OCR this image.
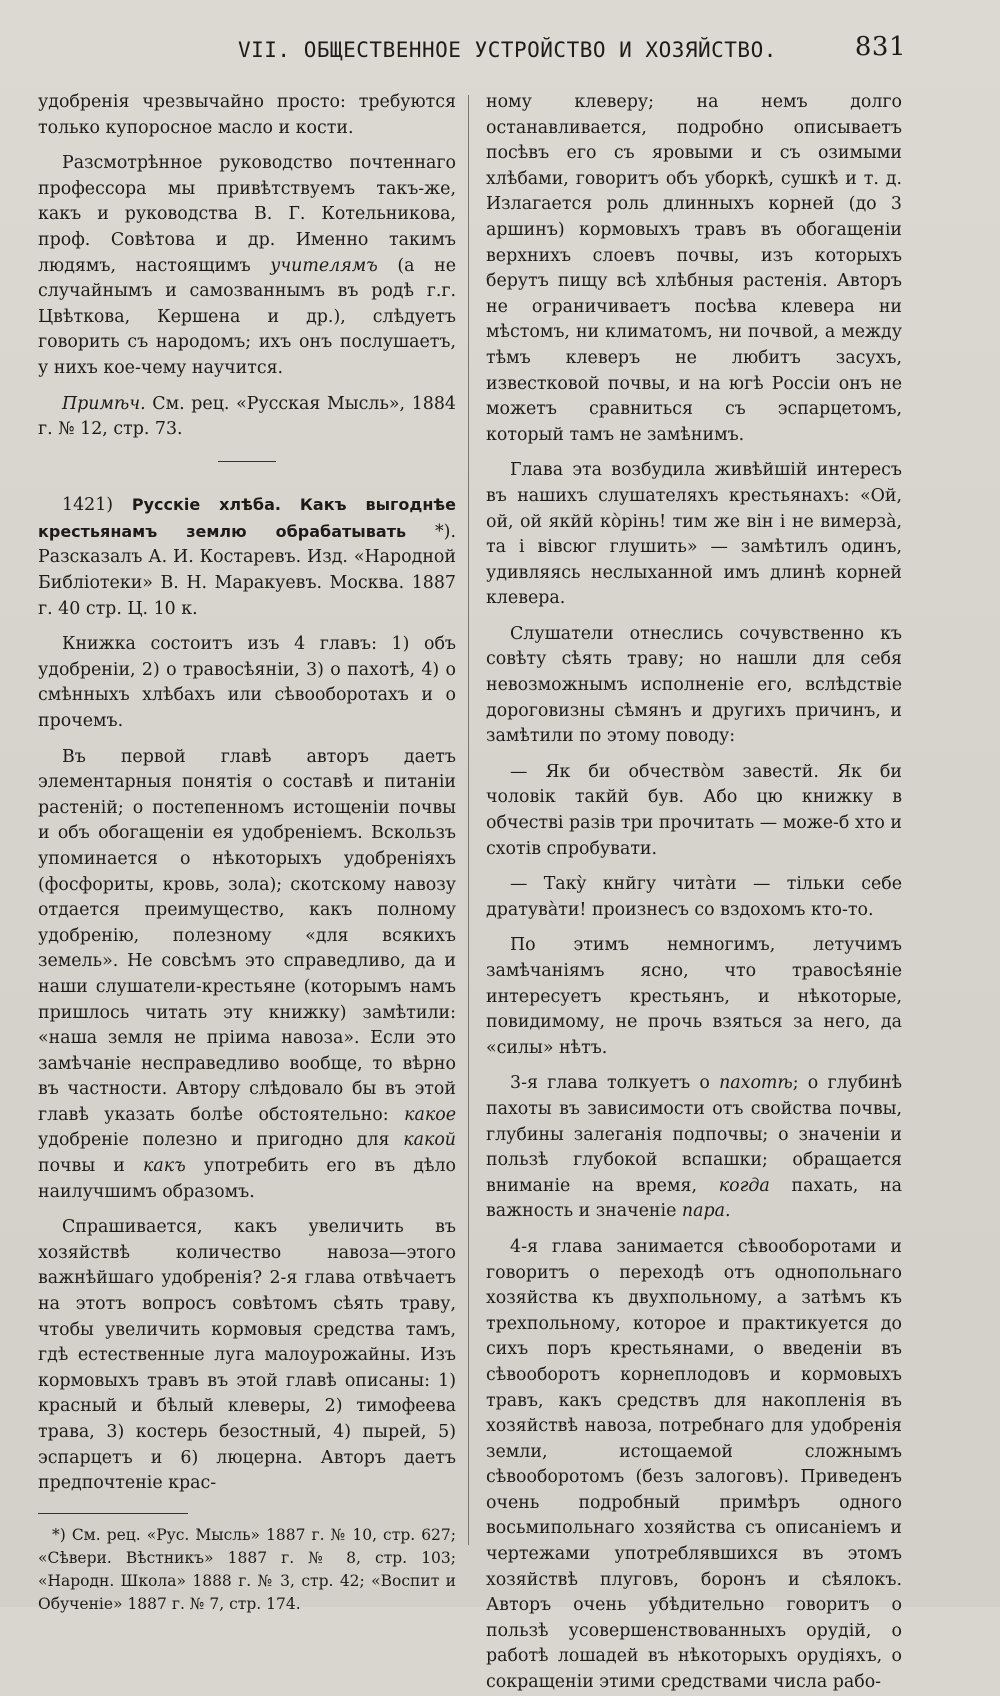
VII. ОБЩЕСТВЕННОЕ УСТРОЙСТВО И ХОЗЯЙСТВО.	831

удобренія чрезвычайно просто: требуются только купоросное масло и кости.

Разсмотрѣнное руководство почтеннаго профессора мы привѣтствуемъ такъ-же, какъ и руководства В. Г. Котельникова, проф. Совѣтова и др. Именно такимъ людямъ, настоящимъ учителямъ (а не случайнымъ и самозваннымъ въ родѣ г.г. Цвѣткова, Кершена и др.), слѣдуетъ говорить съ народомъ; ихъ онъ послушаетъ, у нихъ кое-чему научится.

Примѣч. См. рец. «Русская Мысль», 1884 г. № 12, стр. 73.

1421) Русскіе хлѣба. Какъ выгоднѣе крестьянамъ землю обрабатывать *). Разсказалъ А. И. Костаревъ. Изд. «Народной Библіотеки» В. Н. Маракуевъ. Москва. 1887 г. 40 стр. Ц. 10 к.

Книжка состоитъ изъ 4 главъ: 1) объ удобреніи, 2) о травосѣяніи, 3) о пахотѣ, 4) о смѣнныхъ хлѣбахъ или сѣвооборотахъ и о прочемъ.

Въ первой главѣ авторъ даетъ элементарныя понятія о составѣ и питаніи растеній; о постепенномъ истощеніи почвы и объ обогащеніи ея удобреніемъ. Вскользъ упоминается о нѣкоторыхъ удобреніяхъ (фосфориты, кровь, зола); скотскому навозу отдается преимущество, какъ полному удобренію, полезному «для всякихъ земель». Не совсѣмъ это справедливо, да и наши слушатели-крестьяне (которымъ намъ пришлось читать эту книжку) замѣтили: «наша земля не пріима навоза». Если это замѣчаніе несправедливо вообще, то вѣрно въ частности. Автору слѣдовало бы въ этой главѣ указать болѣе обстоятельно: какое удобреніе полезно и пригодно для какой почвы и какъ употребить его въ дѣло наилучшимъ образомъ.

Спрашивается, какъ увеличить въ хозяйствѣ количество навоза—этого важнѣйшаго удобренія? 2-я глава отвѣчаетъ на этотъ вопросъ совѣтомъ сѣять траву, чтобы увеличить кормовыя средства тамъ, гдѣ естественные луга малоурожайны. Изъ кормовыхъ травъ въ этой главѣ описаны: 1) красный и бѣлый клеверы, 2) тимофеева трава, 3) костерь безостный, 4) пырей, 5) эспарцетъ и 6) люцерна. Авторъ даетъ предпочтеніе крас-

*) См. рец. «Рус. Мысль» 1887 г. № 10, стр. 627; «Сѣвери. Вѣстникъ» 1887 г. № 8, стр. 103; «Народн. Школа» 1888 г. № 3, стр. 42; «Воспит и Обученіе» 1887 г. № 7, стр. 174.

ному клеверу; на немъ долго останавливается, подробно описываетъ посѣвъ его съ яровыми и съ озимыми хлѣбами, говоритъ объ уборкѣ, сушкѣ и т. д. Излагается роль длинныхъ корней (до 3 аршинъ) кормовыхъ травъ въ обогащеніи верхнихъ слоевъ почвы, изъ которыхъ берутъ пищу всѣ хлѣбныя растенія. Авторъ не ограничиваетъ посѣва клевера ни мѣстомъ, ни климатомъ, ни почвой, а между тѣмъ клеверъ не любитъ засухъ, известковой почвы, и на югѣ Россіи онъ не можетъ сравниться съ эспарцетомъ, который тамъ не замѣнимъ.

Глава эта возбудила живѣйшій интересъ въ нашихъ слушателяхъ крестьянахъ: «Ой, ой, ой якйй кòрінь! тим же він і не вимерзà, та і вівсюг глушить» — замѣтилъ одинъ, удивляясь неслыханной имъ длинѣ корней клевера.

Слушатели отнеслись сочувственно къ совѣту сѣять траву; но нашли для себя невозможнымъ исполненіе его, вслѣдствіе дороговизны сѣмянъ и другихъ причинъ, и замѣтили по этому поводу:

— Як би обчествòм завестй. Як би чоловік такйй був. Або цю книжку в обчестві разів три прочитать — може-б хто и схотів спробувати.

— Такỳ кнйгу читàти — тільки себе дратувàти! произнесъ со вздохомъ кто-то.

По этимъ немногимъ, летучимъ замѣчаніямъ ясно, что травосѣяніе интересуетъ крестьянъ, и нѣкоторые, повидимому, не прочь взяться за него, да «силы» нѣтъ.

3-я глава толкуетъ о пахотѣ; о глубинѣ пахоты въ зависимости отъ свойства почвы, глубины залеганія подпочвы; о значеніи и пользѣ глубокой вспашки; обращается вниманіе на время, когда пахать, на важность и значеніе пара.

4-я глава занимается сѣвооборотами и говоритъ о переходѣ отъ однопольнаго хозяйства къ двухпольному, а затѣмъ къ трехпольному, которое и практикуется до сихъ поръ крестьянами, о введеніи въ сѣвооборотъ корнеплодовъ и кормовыхъ травъ, какъ средствъ для накопленія въ хозяйствѣ навоза, потребнаго для удобренія земли, истощаемой сложнымъ сѣвооборотомъ (безъ залоговъ). Приведенъ очень подробный примѣръ одного восьмипольнаго хозяйства съ описаніемъ и чертежами употреблявшихся въ этомъ хозяйствѣ плуговъ, боронъ и сѣялокъ. Авторъ очень убѣдительно говоритъ о пользѣ усовершенствованныхъ орудій, о работѣ лошадей въ нѣкоторыхъ орудіяхъ, о сокращеніи этими средствами числа рабо-
